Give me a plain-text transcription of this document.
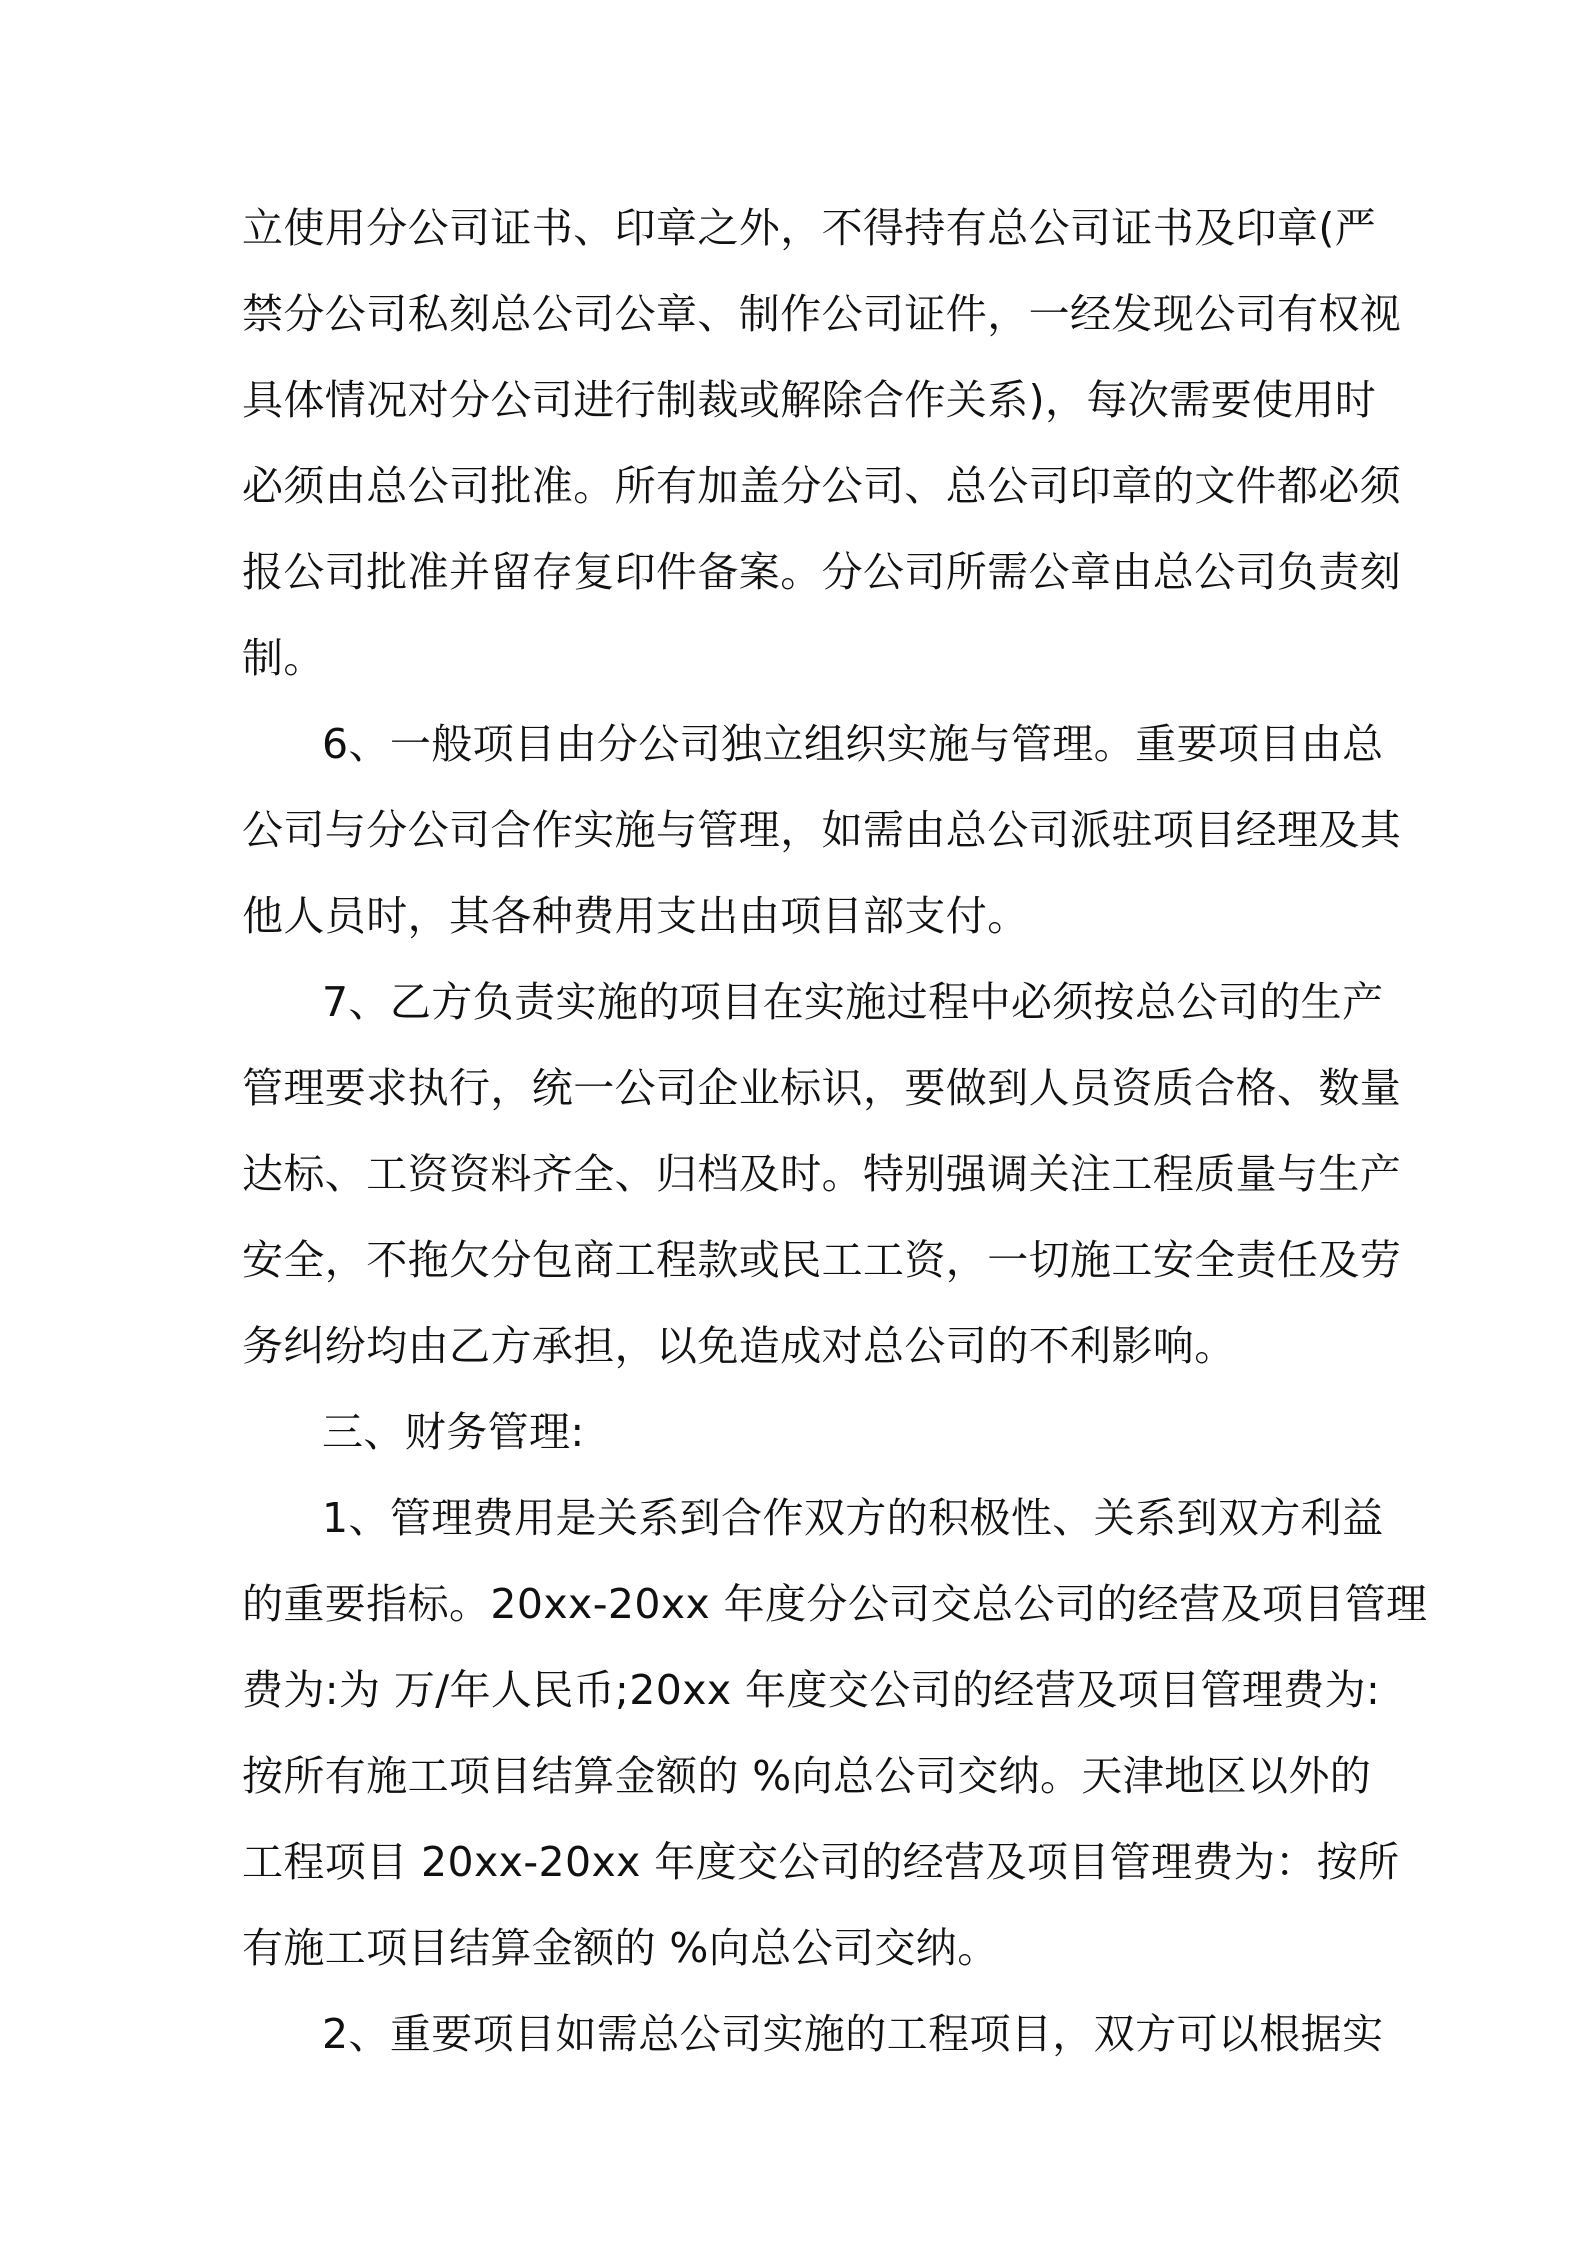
立使用分公司证书、印章之外，不得持有总公司证书及印章(严
禁分公司私刻总公司公章、制作公司证件，一经发现公司有权视
具体情况对分公司进行制裁或解除合作关系)，每次需要使用时
必须由总公司批准。所有加盖分公司、总公司印章的文件都必须
报公司批准并留存复印件备案。分公司所需公章由总公司负责刻
制。
6、一般项目由分公司独立组织实施与管理。重要项目由总
公司与分公司合作实施与管理，如需由总公司派驻项目经理及其
他人员时，其各种费用支出由项目部支付。
7、乙方负责实施的项目在实施过程中必须按总公司的生产
管理要求执行，统一公司企业标识，要做到人员资质合格、数量
达标、工资资料齐全、归档及时。特别强调关注工程质量与生产
安全，不拖欠分包商工程款或民工工资，一切施工安全责任及劳
务纠纷均由乙方承担，以免造成对总公司的不利影响。
三、财务管理:
1、管理费用是关系到合作双方的积极性、关系到双方利益
的重要指标。20xx-20xx 年度分公司交总公司的经营及项目管理
费为:为 万/年人民币;20xx 年度交公司的经营及项目管理费为:
按所有施工项目结算金额的 %向总公司交纳。天津地区以外的
工程项目 20xx-20xx 年度交公司的经营及项目管理费为：按所
有施工项目结算金额的 %向总公司交纳。
2、重要项目如需总公司实施的工程项目，双方可以根据实
